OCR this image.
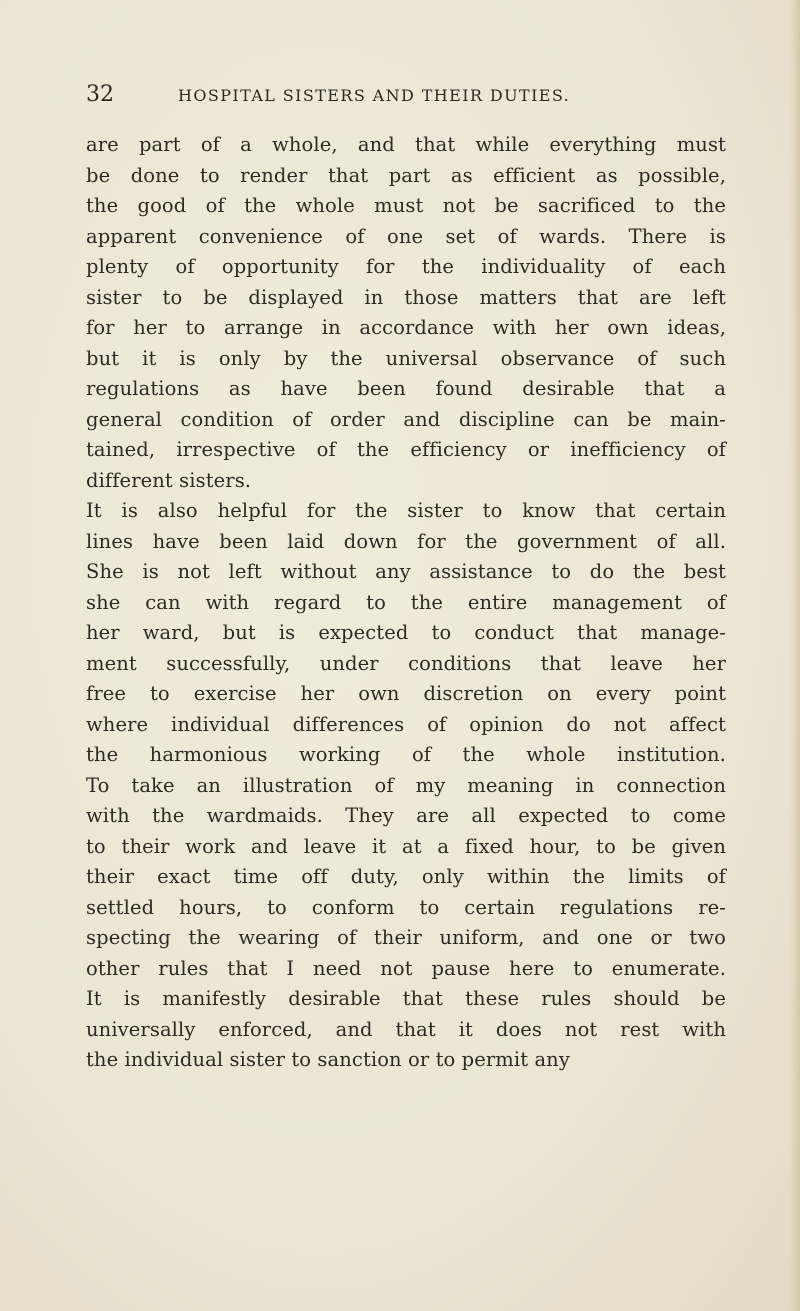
32	HOSPITAL SISTERS AND THEIR DUTIES.
are part of a whole, and that while everything must
be done to render that part as efficient as possible,
the good of the whole must not be sacrificed to the
apparent convenience of one set of wards. There is
plenty of opportunity for the individuality of each
sister to be displayed in those matters that are left
for her to arrange in accordance with her own ideas,
but it is only by the universal observance of such
regulations as have been found desirable that a
general condition of order and discipline can be main-
tained, irrespective of the efficiency or inefficiency of
different sisters.
It is also helpful for the sister to know that certain
lines have been laid down for the government of all.
She is not left without any assistance to do the best
she can with regard to the entire management of
her ward, but is expected to conduct that manage-
ment successfully, under conditions that leave her
free to exercise her own discretion on every point
where individual differences of opinion do not affect
the harmonious working of the whole institution.
To take an illustration of my meaning in connection
with the wardmaids. They are all expected to come
to their work and leave it at a fixed hour, to be given
their exact time off duty, only within the limits of
settled hours, to conform to certain regulations re-
specting the wearing of their uniform, and one or two
other rules that I need not pause here to enumerate.
It is manifestly desirable that these rules should be
universally enforced, and that it does not rest with
the individual sister to sanction or to permit any
